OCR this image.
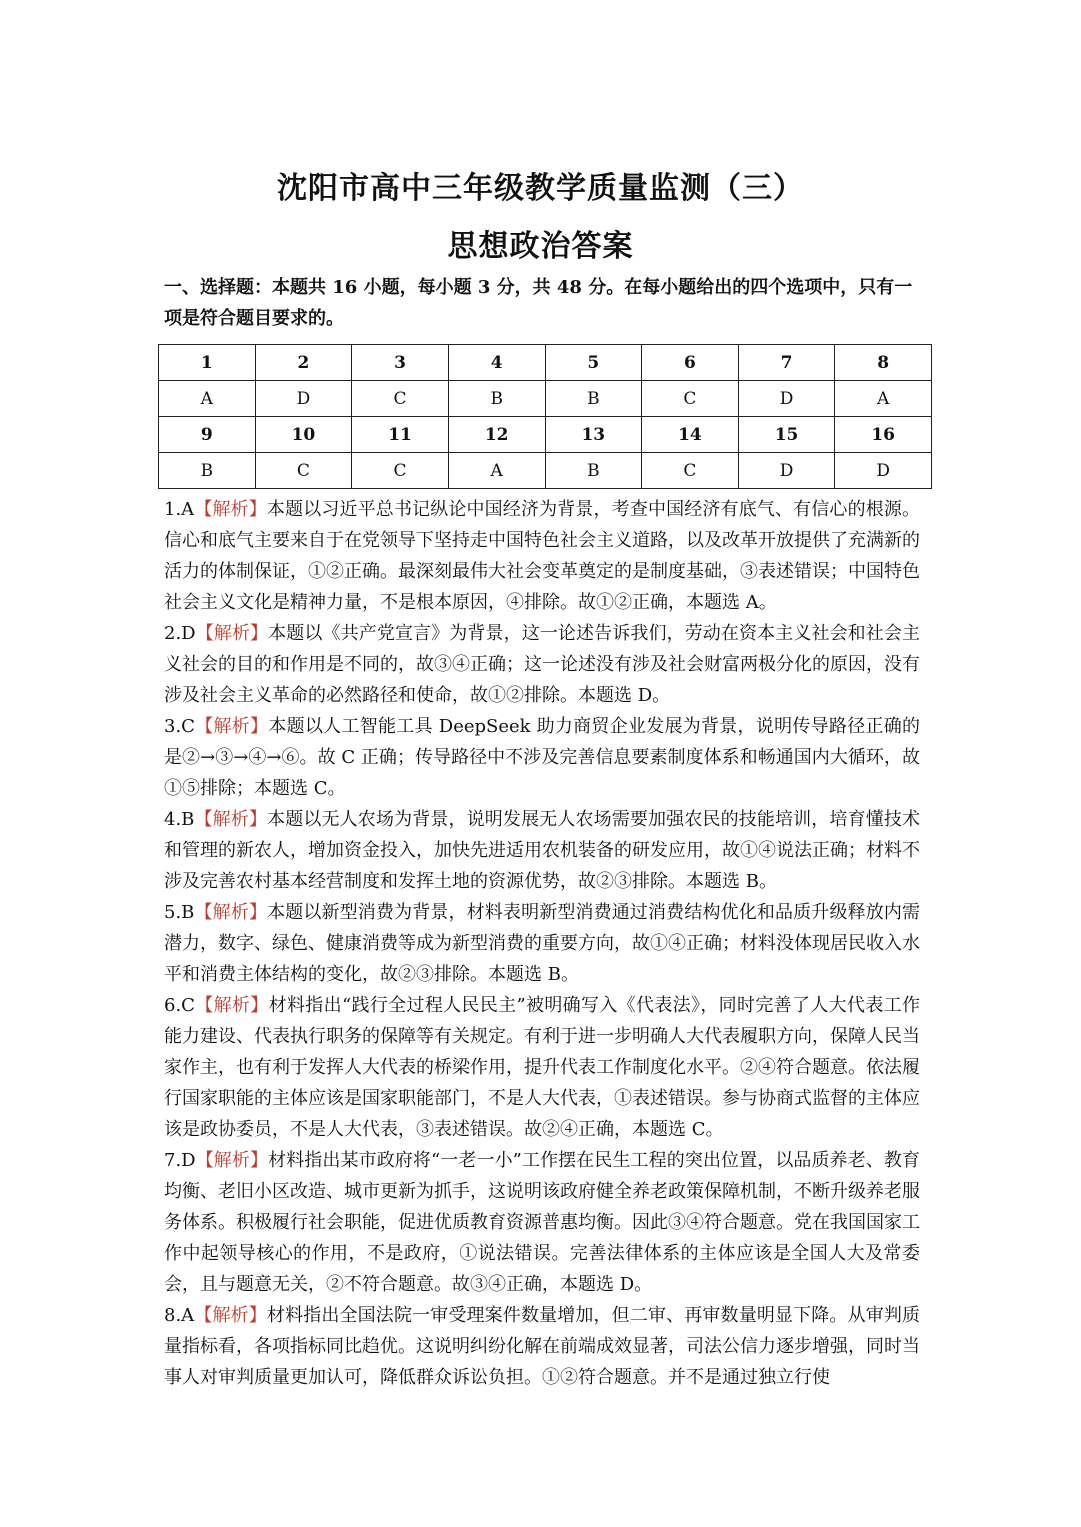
沈阳市高中三年级教学质量监测（三）
思想政治答案
一、选择题：本题共 16 小题，每小题 3 分，共 48 分。在每小题给出的四个选项中，只有一项是符合题目要求的。
1	2	3	4	5	6	7	8
A	D	C	B	B	C	D	A
9	10	11	12	13	14	15	16
B	C	C	A	B	C	D	D

1.A【解析】本题以习近平总书记纵论中国经济为背景，考查中国经济有底气、有信心的根源。信心和底气主要来自于在党领导下坚持走中国特色社会主义道路，以及改革开放提供了充满新的活力的体制保证，①②正确。最深刻最伟大社会变革奠定的是制度基础，③表述错误；中国特色社会主义文化是精神力量，不是根本原因，④排除。故①②正确，本题选 A。

2.D【解析】本题以《共产党宣言》为背景，这一论述告诉我们，劳动在资本主义社会和社会主义社会的目的和作用是不同的，故③④正确；这一论述没有涉及社会财富两极分化的原因，没有涉及社会主义革命的必然路径和使命，故①②排除。本题选 D。

3.C【解析】本题以人工智能工具 DeepSeek 助力商贸企业发展为背景，说明传导路径正确的是②→③→④→⑥。故 C 正确；传导路径中不涉及完善信息要素制度体系和畅通国内大循环，故①⑤排除；本题选 C。

4.B【解析】本题以无人农场为背景，说明发展无人农场需要加强农民的技能培训，培育懂技术和管理的新农人，增加资金投入，加快先进适用农机装备的研发应用，故①④说法正确；材料不涉及完善农村基本经营制度和发挥土地的资源优势，故②③排除。本题选 B。

5.B【解析】本题以新型消费为背景，材料表明新型消费通过消费结构优化和品质升级释放内需潜力，数字、绿色、健康消费等成为新型消费的重要方向，故①④正确；材料没体现居民收入水平和消费主体结构的变化，故②③排除。本题选 B。

6.C【解析】材料指出“践行全过程人民民主”被明确写入《代表法》，同时完善了人大代表工作能力建设、代表执行职务的保障等有关规定。有利于进一步明确人大代表履职方向，保障人民当家作主，也有利于发挥人大代表的桥梁作用，提升代表工作制度化水平。②④符合题意。依法履行国家职能的主体应该是国家职能部门，不是人大代表，①表述错误。参与协商式监督的主体应该是政协委员，不是人大代表，③表述错误。故②④正确，本题选 C。

7.D【解析】材料指出某市政府将“一老一小”工作摆在民生工程的突出位置，以品质养老、教育均衡、老旧小区改造、城市更新为抓手，这说明该政府健全养老政策保障机制，不断升级养老服务体系。积极履行社会职能，促进优质教育资源普惠均衡。因此③④符合题意。党在我国国家工作中起领导核心的作用，不是政府，①说法错误。完善法律体系的主体应该是全国人大及常委会，且与题意无关，②不符合题意。故③④正确，本题选 D。

8.A【解析】材料指出全国法院一审受理案件数量增加，但二审、再审数量明显下降。从审判质量指标看，各项指标同比趋优。这说明纠纷化解在前端成效显著，司法公信力逐步增强，同时当事人对审判质量更加认可，降低群众诉讼负担。①②符合题意。并不是通过独立行使
